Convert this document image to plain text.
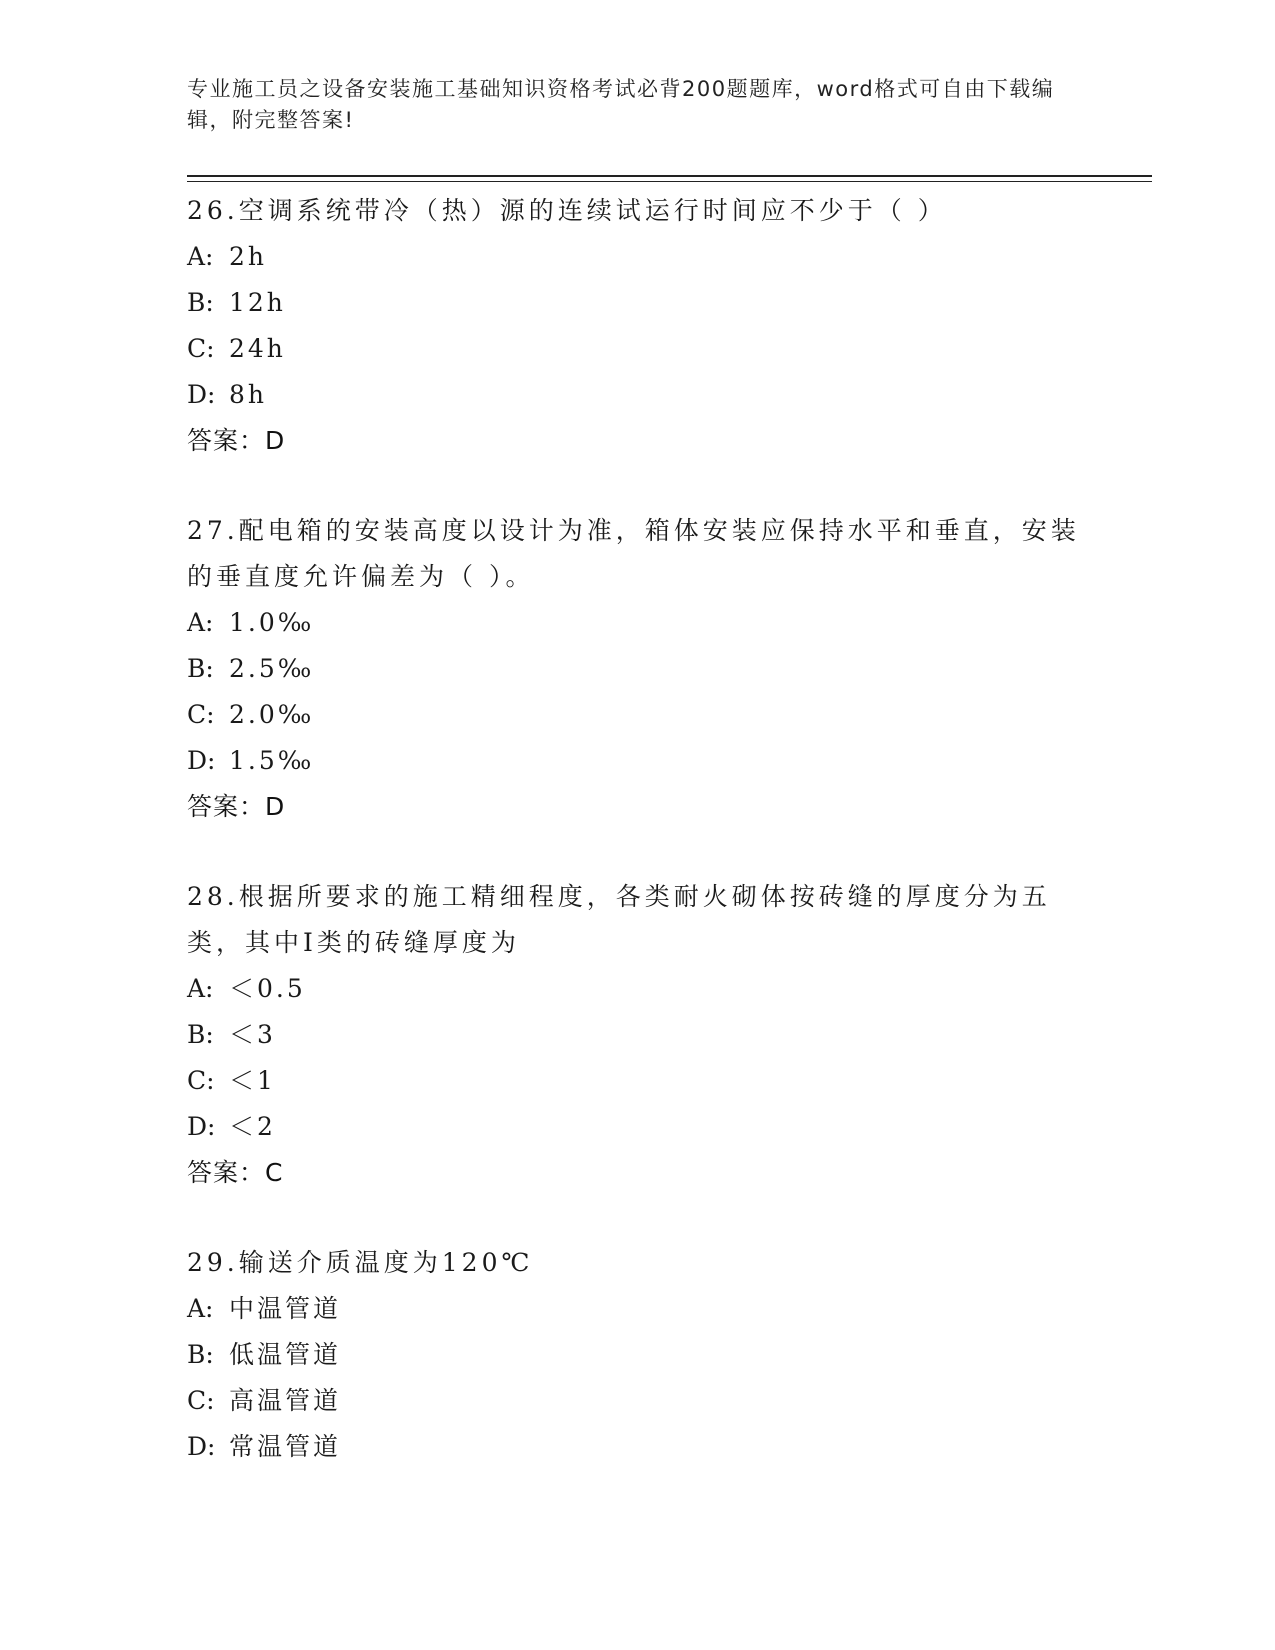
专业施工员之设备安装施工基础知识资格考试必背200题题库，word格式可自由下载编辑，附完整答案!
26.空调系统带冷（热）源的连续试运行时间应不少于（ ）
A: 2h
B: 12h
C: 24h
D: 8h
答案：D
27.配电箱的安装高度以设计为准，箱体安装应保持水平和垂直，安装的垂直度允许偏差为（ ）。
A: 1.0‰
B: 2.5‰
C: 2.0‰
D: 1.5‰
答案：D
28.根据所要求的施工精细程度，各类耐火砌体按砖缝的厚度分为五类，其中Ⅰ类的砖缝厚度为
A: ＜0.5
B: ＜3
C: ＜1
D: ＜2
答案：C
29.输送介质温度为120℃
A: 中温管道
B: 低温管道
C: 高温管道
D: 常温管道
